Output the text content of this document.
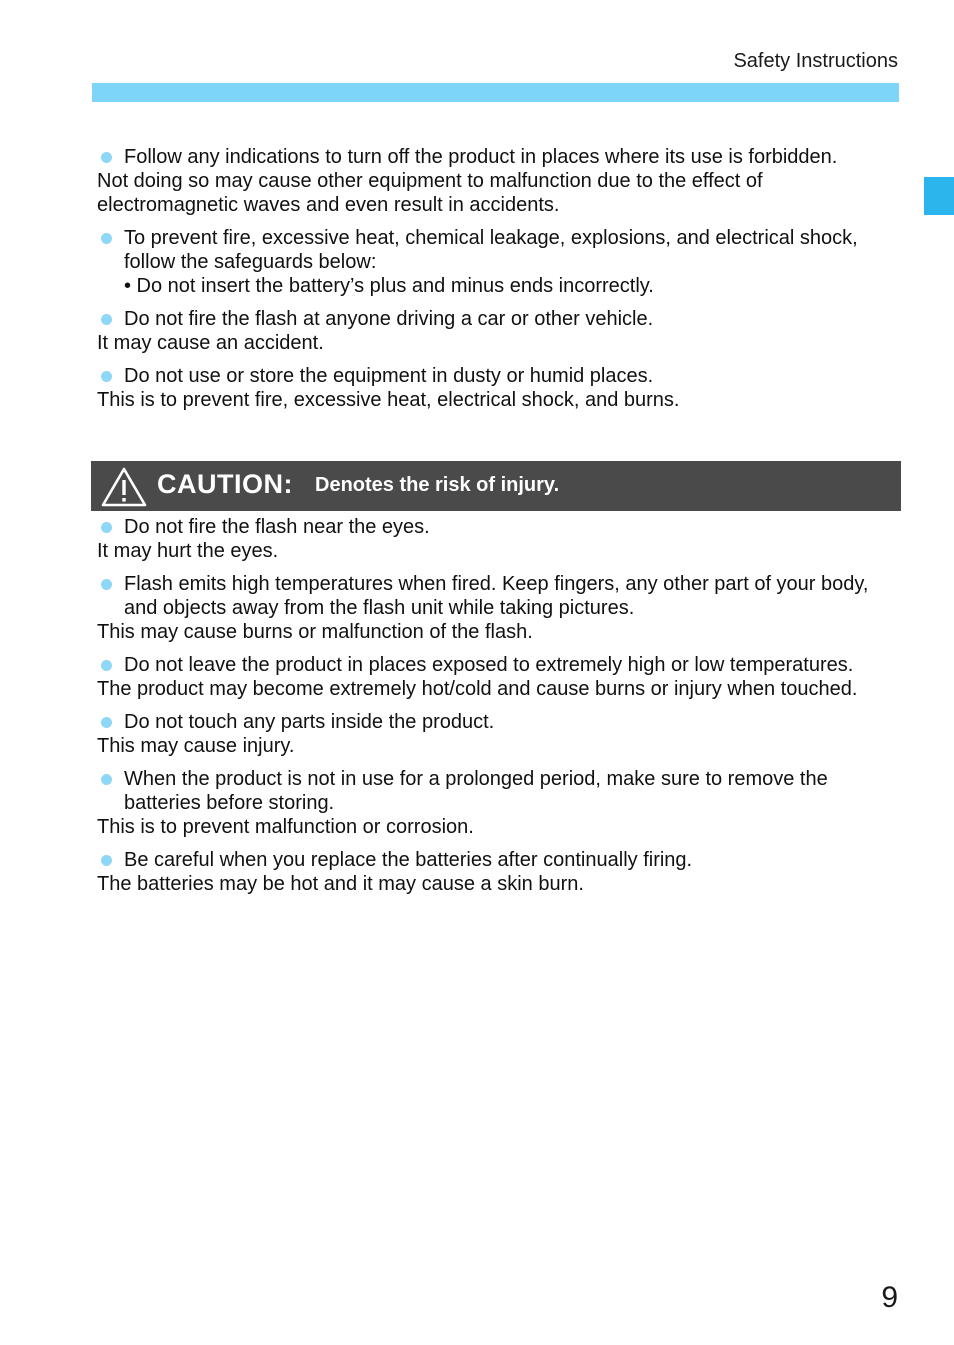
Safety Instructions
Follow any indications to turn off the product in places where its use is forbidden.
Not doing so may cause other equipment to malfunction due to the effect of
electromagnetic waves and even result in accidents.
To prevent fire, excessive heat, chemical leakage, explosions, and electrical shock,
follow the safeguards below:
• Do not insert the battery’s plus and minus ends incorrectly.
Do not fire the flash at anyone driving a car or other vehicle.
It may cause an accident.
Do not use or store the equipment in dusty or humid places.
This is to prevent fire, excessive heat, electrical shock, and burns.
CAUTION: Denotes the risk of injury.
Do not fire the flash near the eyes.
It may hurt the eyes.
Flash emits high temperatures when fired. Keep fingers, any other part of your body,
and objects away from the flash unit while taking pictures.
This may cause burns or malfunction of the flash.
Do not leave the product in places exposed to extremely high or low temperatures.
The product may become extremely hot/cold and cause burns or injury when touched.
Do not touch any parts inside the product.
This may cause injury.
When the product is not in use for a prolonged period, make sure to remove the
batteries before storing.
This is to prevent malfunction or corrosion.
Be careful when you replace the batteries after continually firing.
The batteries may be hot and it may cause a skin burn.
9
